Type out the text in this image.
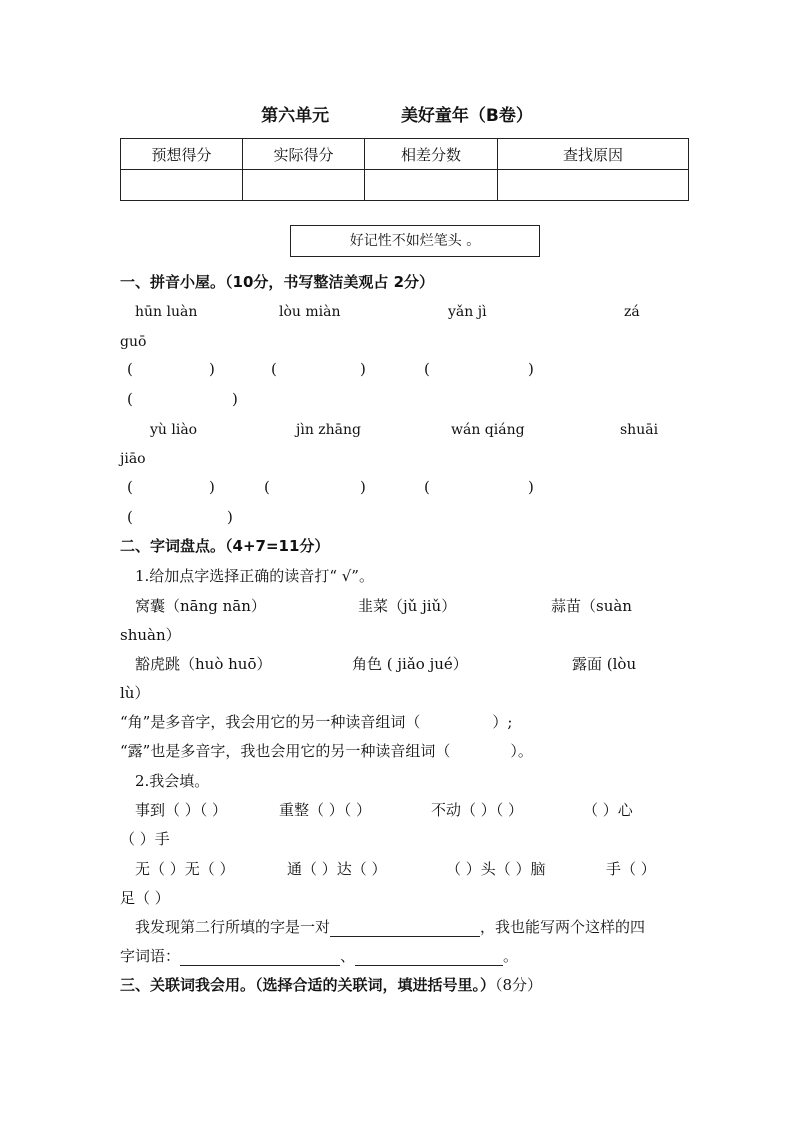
第六单元	美好童年（B卷）
预想得分	实际得分	相差分数	查找原因

好记性不如烂笔头 。
一、拼音小屋。（10分，书写整洁美观占 2分）
hūn luàn	lòu miàn	yǎn jì	zá
guō
(	)	(	)	(	)
(	)
yù liào	jìn zhāng	wán qiáng	shuāi
jiāo
(	)	(	)	(	)
(	)
二、字词盘点。（4+7=11分）
1.给加点字选择正确的读音打“ √”。
窝囊（nāng nān）	韭菜（jǔ jiǔ）	蒜苗（suàn
shuàn）
豁虎跳（huò huō）	角色 ( jiǎo jué）	露面 (lòu
lù）
“角”是多音字，我会用它的另一种读音组词（	）;
“露”也是多音字，我也会用它的另一种读音组词（	）。
2.我会填。
事到（ ）（ ）	重整（ ）（ ）	不动（ ）（ ）	（ ）心
（ ）手
无（ ）无（ ）	通（ ）达（ ）	（ ）头（ ）脑	手（ ）
足（ ）
我发现第二行所填的字是一对	，我也能写两个这样的四
字词语：	、	。
三、关联词我会用。（选择合适的关联词，填进括号里。）（8分）
